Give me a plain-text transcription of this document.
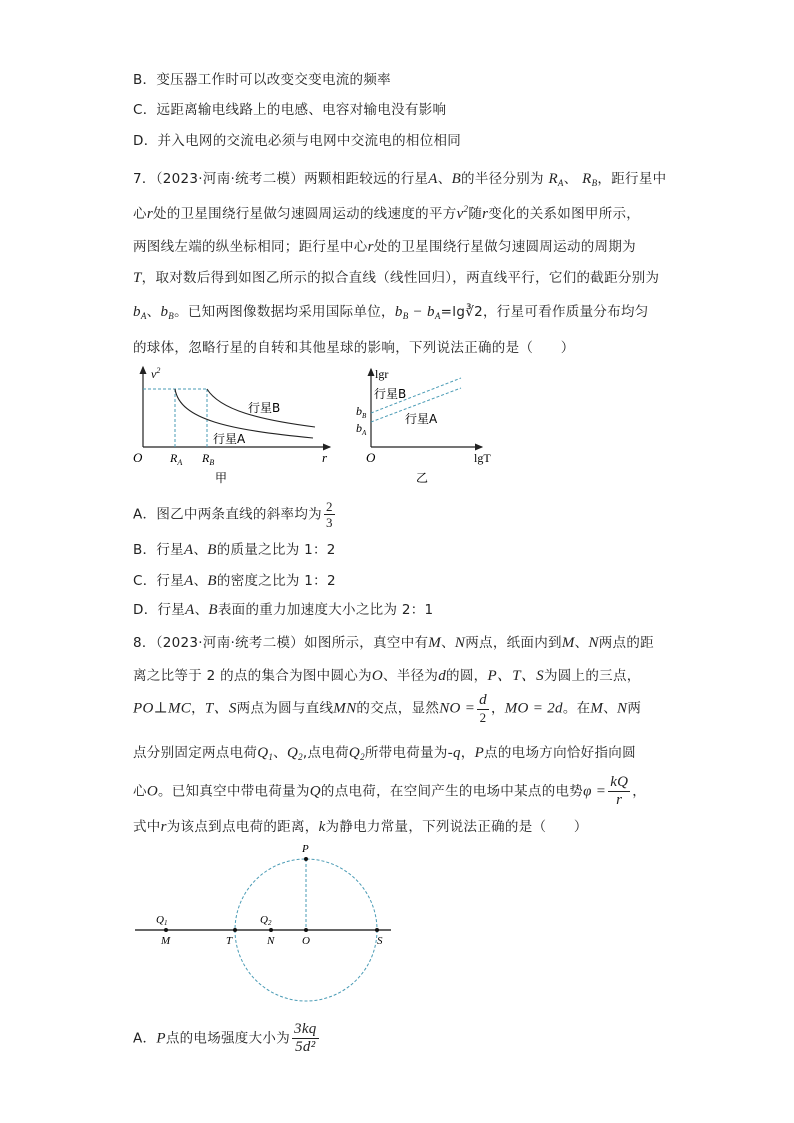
B．变压器工作时可以改变交变电流的频率
C．远距离输电线路上的电感、电容对输电没有影响
D．并入电网的交流电必须与电网中交流电的相位相同
7．（2023·河南·统考二模）两颗相距较远的行星A、B的半径分别为 $R_A$、 $R_B$，距行星中
心r处的卫星围绕行星做匀速圆周运动的线速度的平方$v^2$随r变化的关系如图甲所示，
两图线左端的纵坐标相同；距行星中心r处的卫星围绕行星做匀速圆周运动的周期为
T，取对数后得到如图乙所示的拟合直线（线性回归），两直线平行，它们的截距分别为
$b_A$、$b_B$。已知两图像数据均采用国际单位，$b_B$ − $b_A=\lg∛2$，行星可看作质量分布均匀
的球体，忽略行星的自转和其他星球的影响，下列说法正确的是（　　）
$v^2$
r
O $R_A$ $R_B$
行星B
行星A
甲
lgr
lgT
O
$b_B$
$b_A$
行星B
行星A
乙
A．图乙中两条直线的斜率均为 $\frac{2}{3}$
B．行星A、B的质量之比为 1：2
C．行星A、B的密度之比为 1：2
D．行星A、B表面的重力加速度大小之比为 2：1
8．（2023·河南·统考二模）如图所示，真空中有M、N两点，纸面内到M、N两点的距
离之比等于 2 的点的集合为图中圆心为O、半径为d的圆，P、T、S为圆上的三点，
PO⊥MC，T、S两点为圆与直线MN的交点，显然NO = $\frac{d}{2}$ ，MO = 2d。在M、N两
点分别固定两点电荷$Q_1$、$Q_2$,点电荷$Q_2$所带电荷量为-q，P点的电场方向恰好指向圆
心O。已知真空中带电荷量为Q的点电荷，在空间产生的电场中某点的电势$\varphi = \frac{kQ}{r}$ ，
式中r为该点到点电荷的距离，k为静电力常量，下列说法正确的是（　　）
P
M	T	N	O	S
Q1	Q2
A．P点的电场强度大小为 $\frac{3kq}{\text{5d²}}$
